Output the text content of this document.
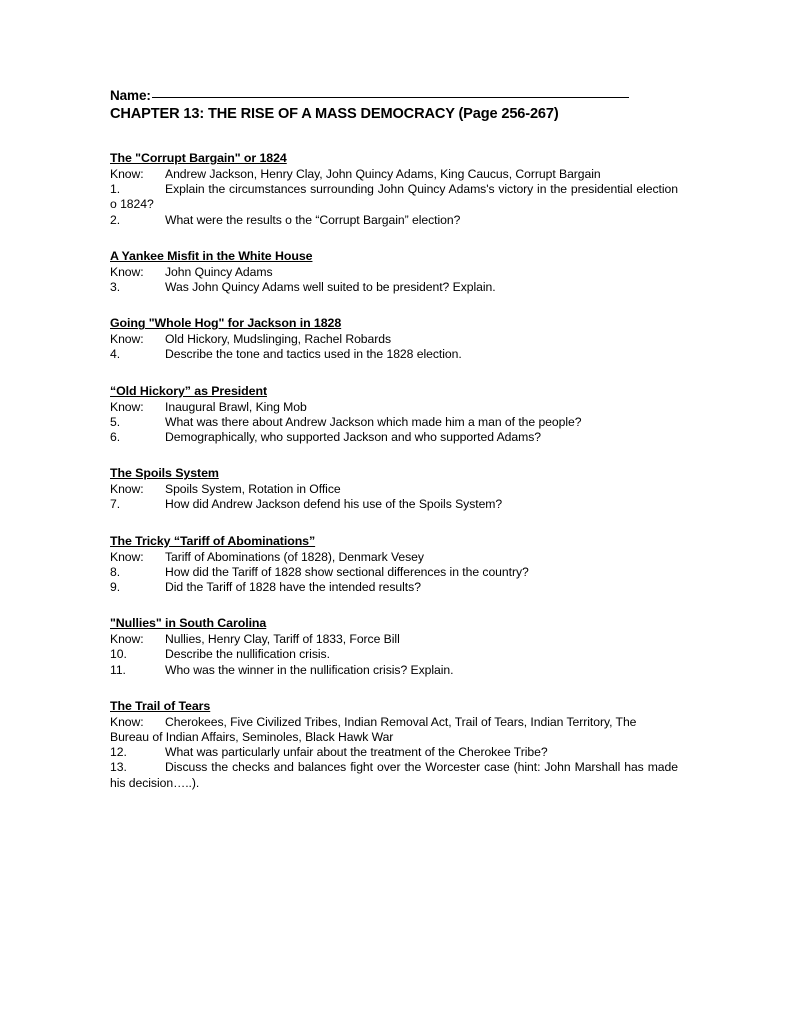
Name:
CHAPTER 13: THE RISE OF A MASS DEMOCRACY (Page 256-267)
The "Corrupt Bargain" or 1824
Know: Andrew Jackson, Henry Clay, John Quincy Adams, King Caucus, Corrupt Bargain
1.	Explain the circumstances surrounding John Quincy Adams's victory in the presidential election o 1824?
2.	What were the results o the “Corrupt Bargain” election?
A Yankee Misfit in the White House
Know: John Quincy Adams
3.	Was John Quincy Adams well suited to be president? Explain.
Going "Whole Hog" for Jackson in 1828
Know: Old Hickory, Mudslinging, Rachel Robards
4.	Describe the tone and tactics used in the 1828 election.
“Old Hickory” as President
Know: Inaugural Brawl, King Mob
5.	What was there about Andrew Jackson which made him a man of the people?
6.	Demographically, who supported Jackson and who supported Adams?
The Spoils System
Know: Spoils System, Rotation in Office
7.	How did Andrew Jackson defend his use of the Spoils System?
The Tricky “Tariff of Abominations”
Know: Tariff of Abominations (of 1828), Denmark Vesey
8.	How did the Tariff of 1828 show sectional differences in the country?
9.	Did the Tariff of 1828 have the intended results?
"Nullies" in South Carolina
Know: Nullies, Henry Clay, Tariff of 1833, Force Bill
10.	Describe the nullification crisis.
11.	Who was the winner in the nullification crisis? Explain.
The Trail of Tears
Know: Cherokees, Five Civilized Tribes, Indian Removal Act, Trail of Tears, Indian Territory, The Bureau of Indian Affairs, Seminoles, Black Hawk War
12.	What was particularly unfair about the treatment of the Cherokee Tribe?
13.	Discuss the checks and balances fight over the Worcester case (hint: John Marshall has made his decision…..).
